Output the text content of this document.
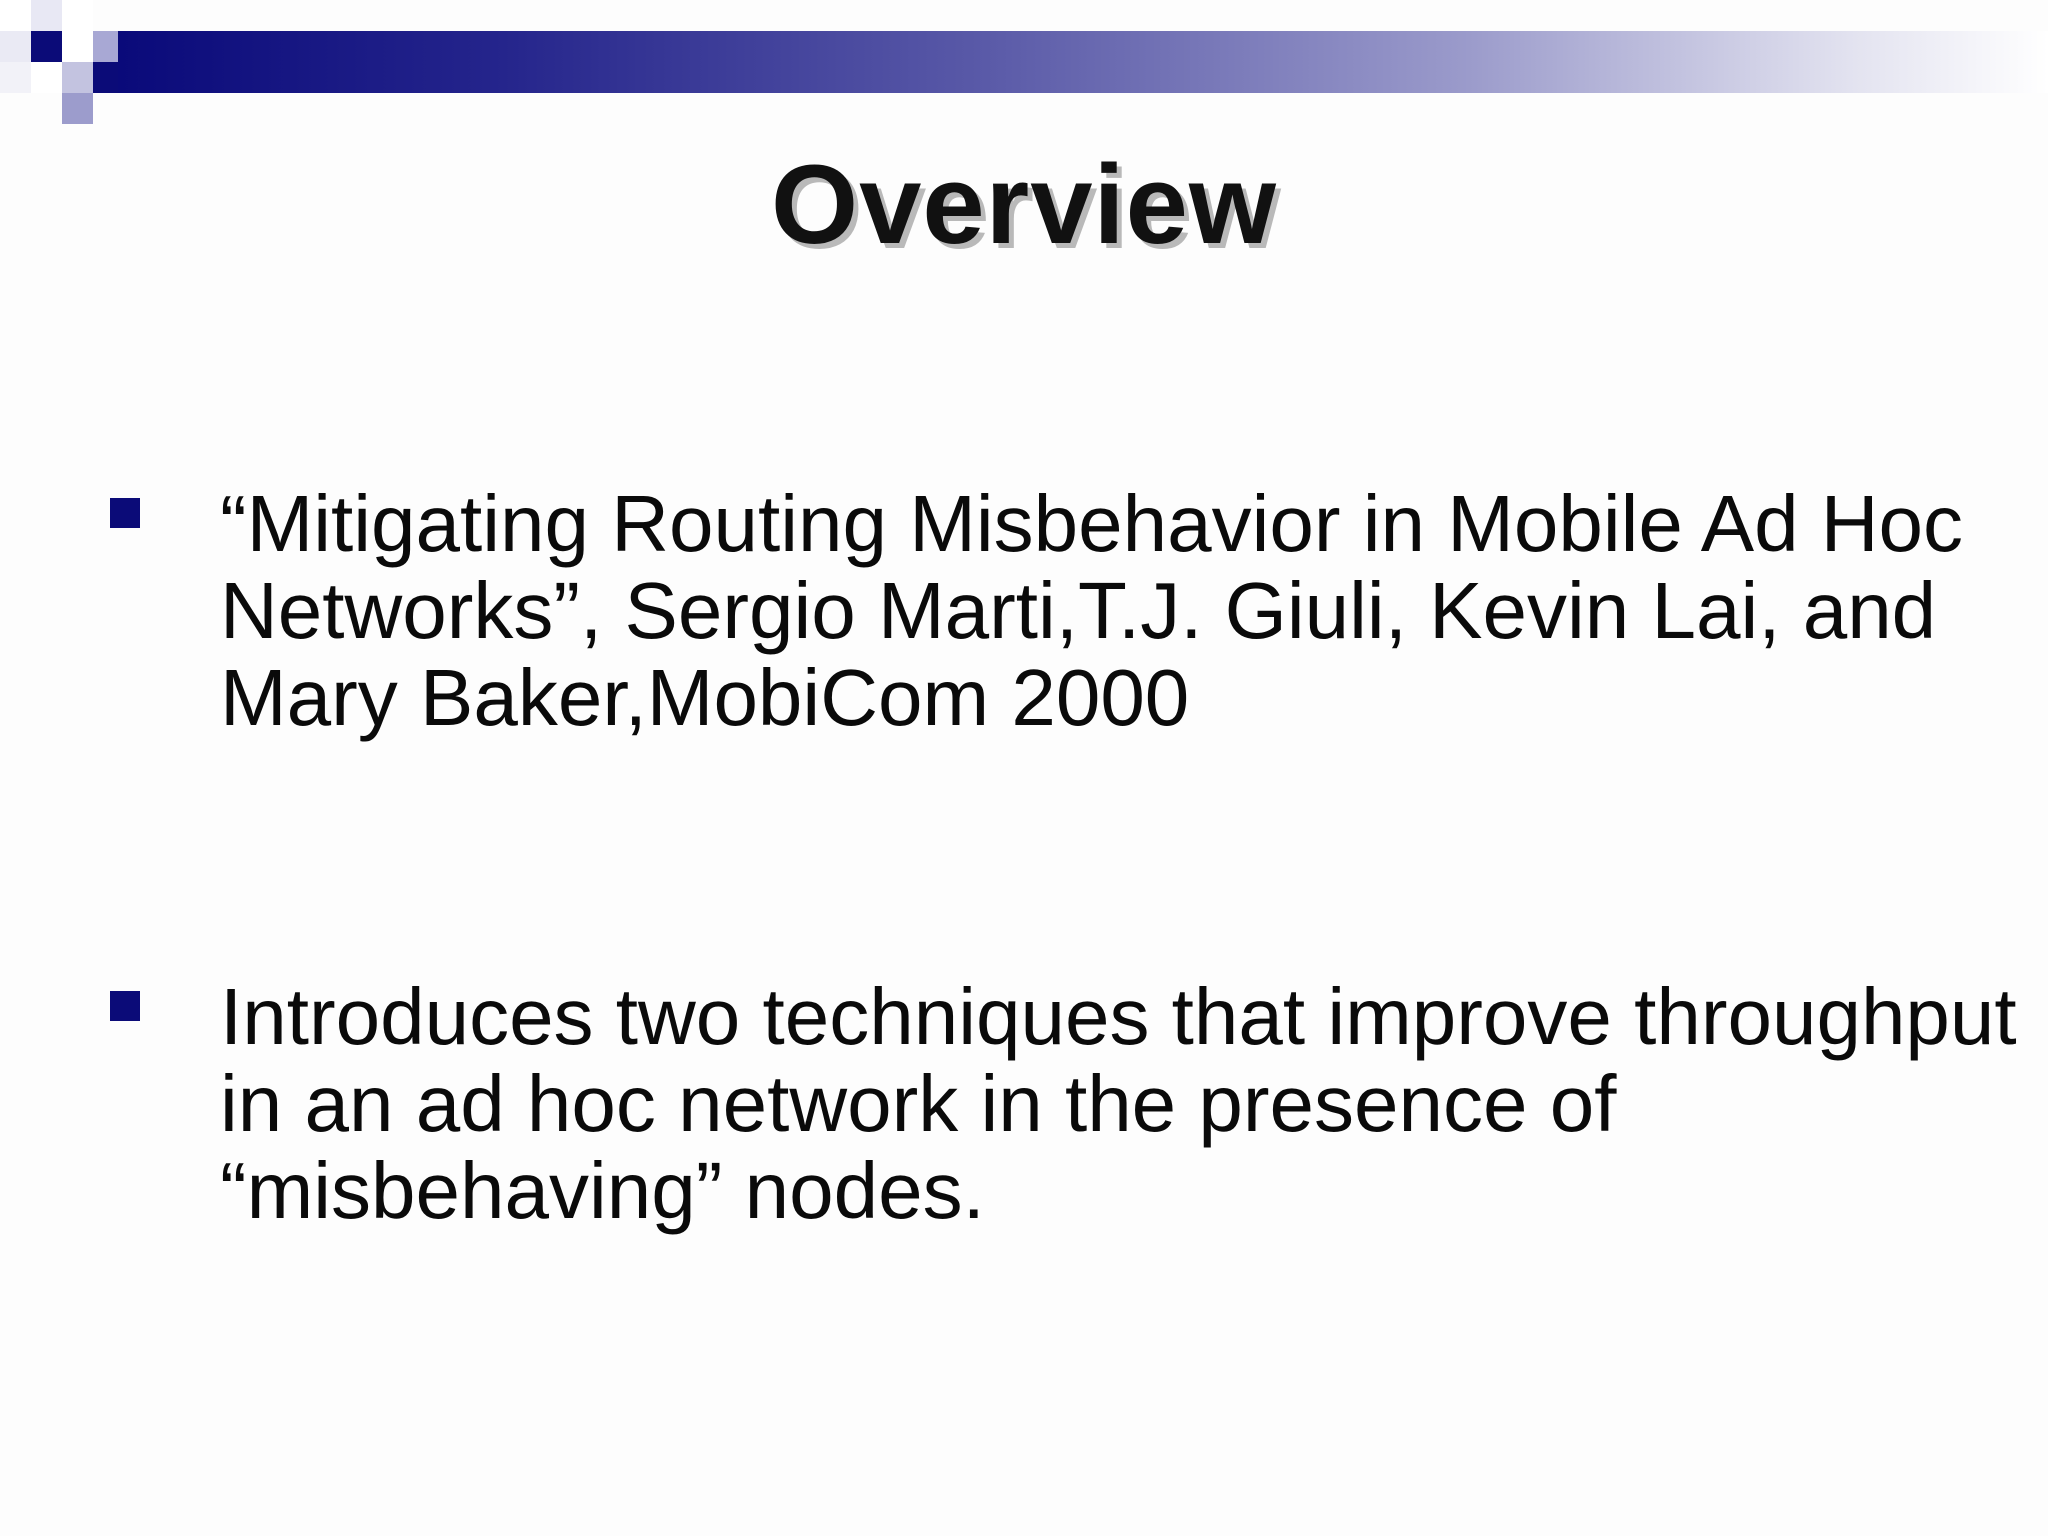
Overview
“Mitigating Routing Misbehavior in Mobile Ad Hoc Networks”, Sergio Marti,T.J. Giuli, Kevin Lai, and Mary Baker,MobiCom 2000
Introduces two techniques that improve throughput in an ad hoc network in the presence of “misbehaving” nodes.
